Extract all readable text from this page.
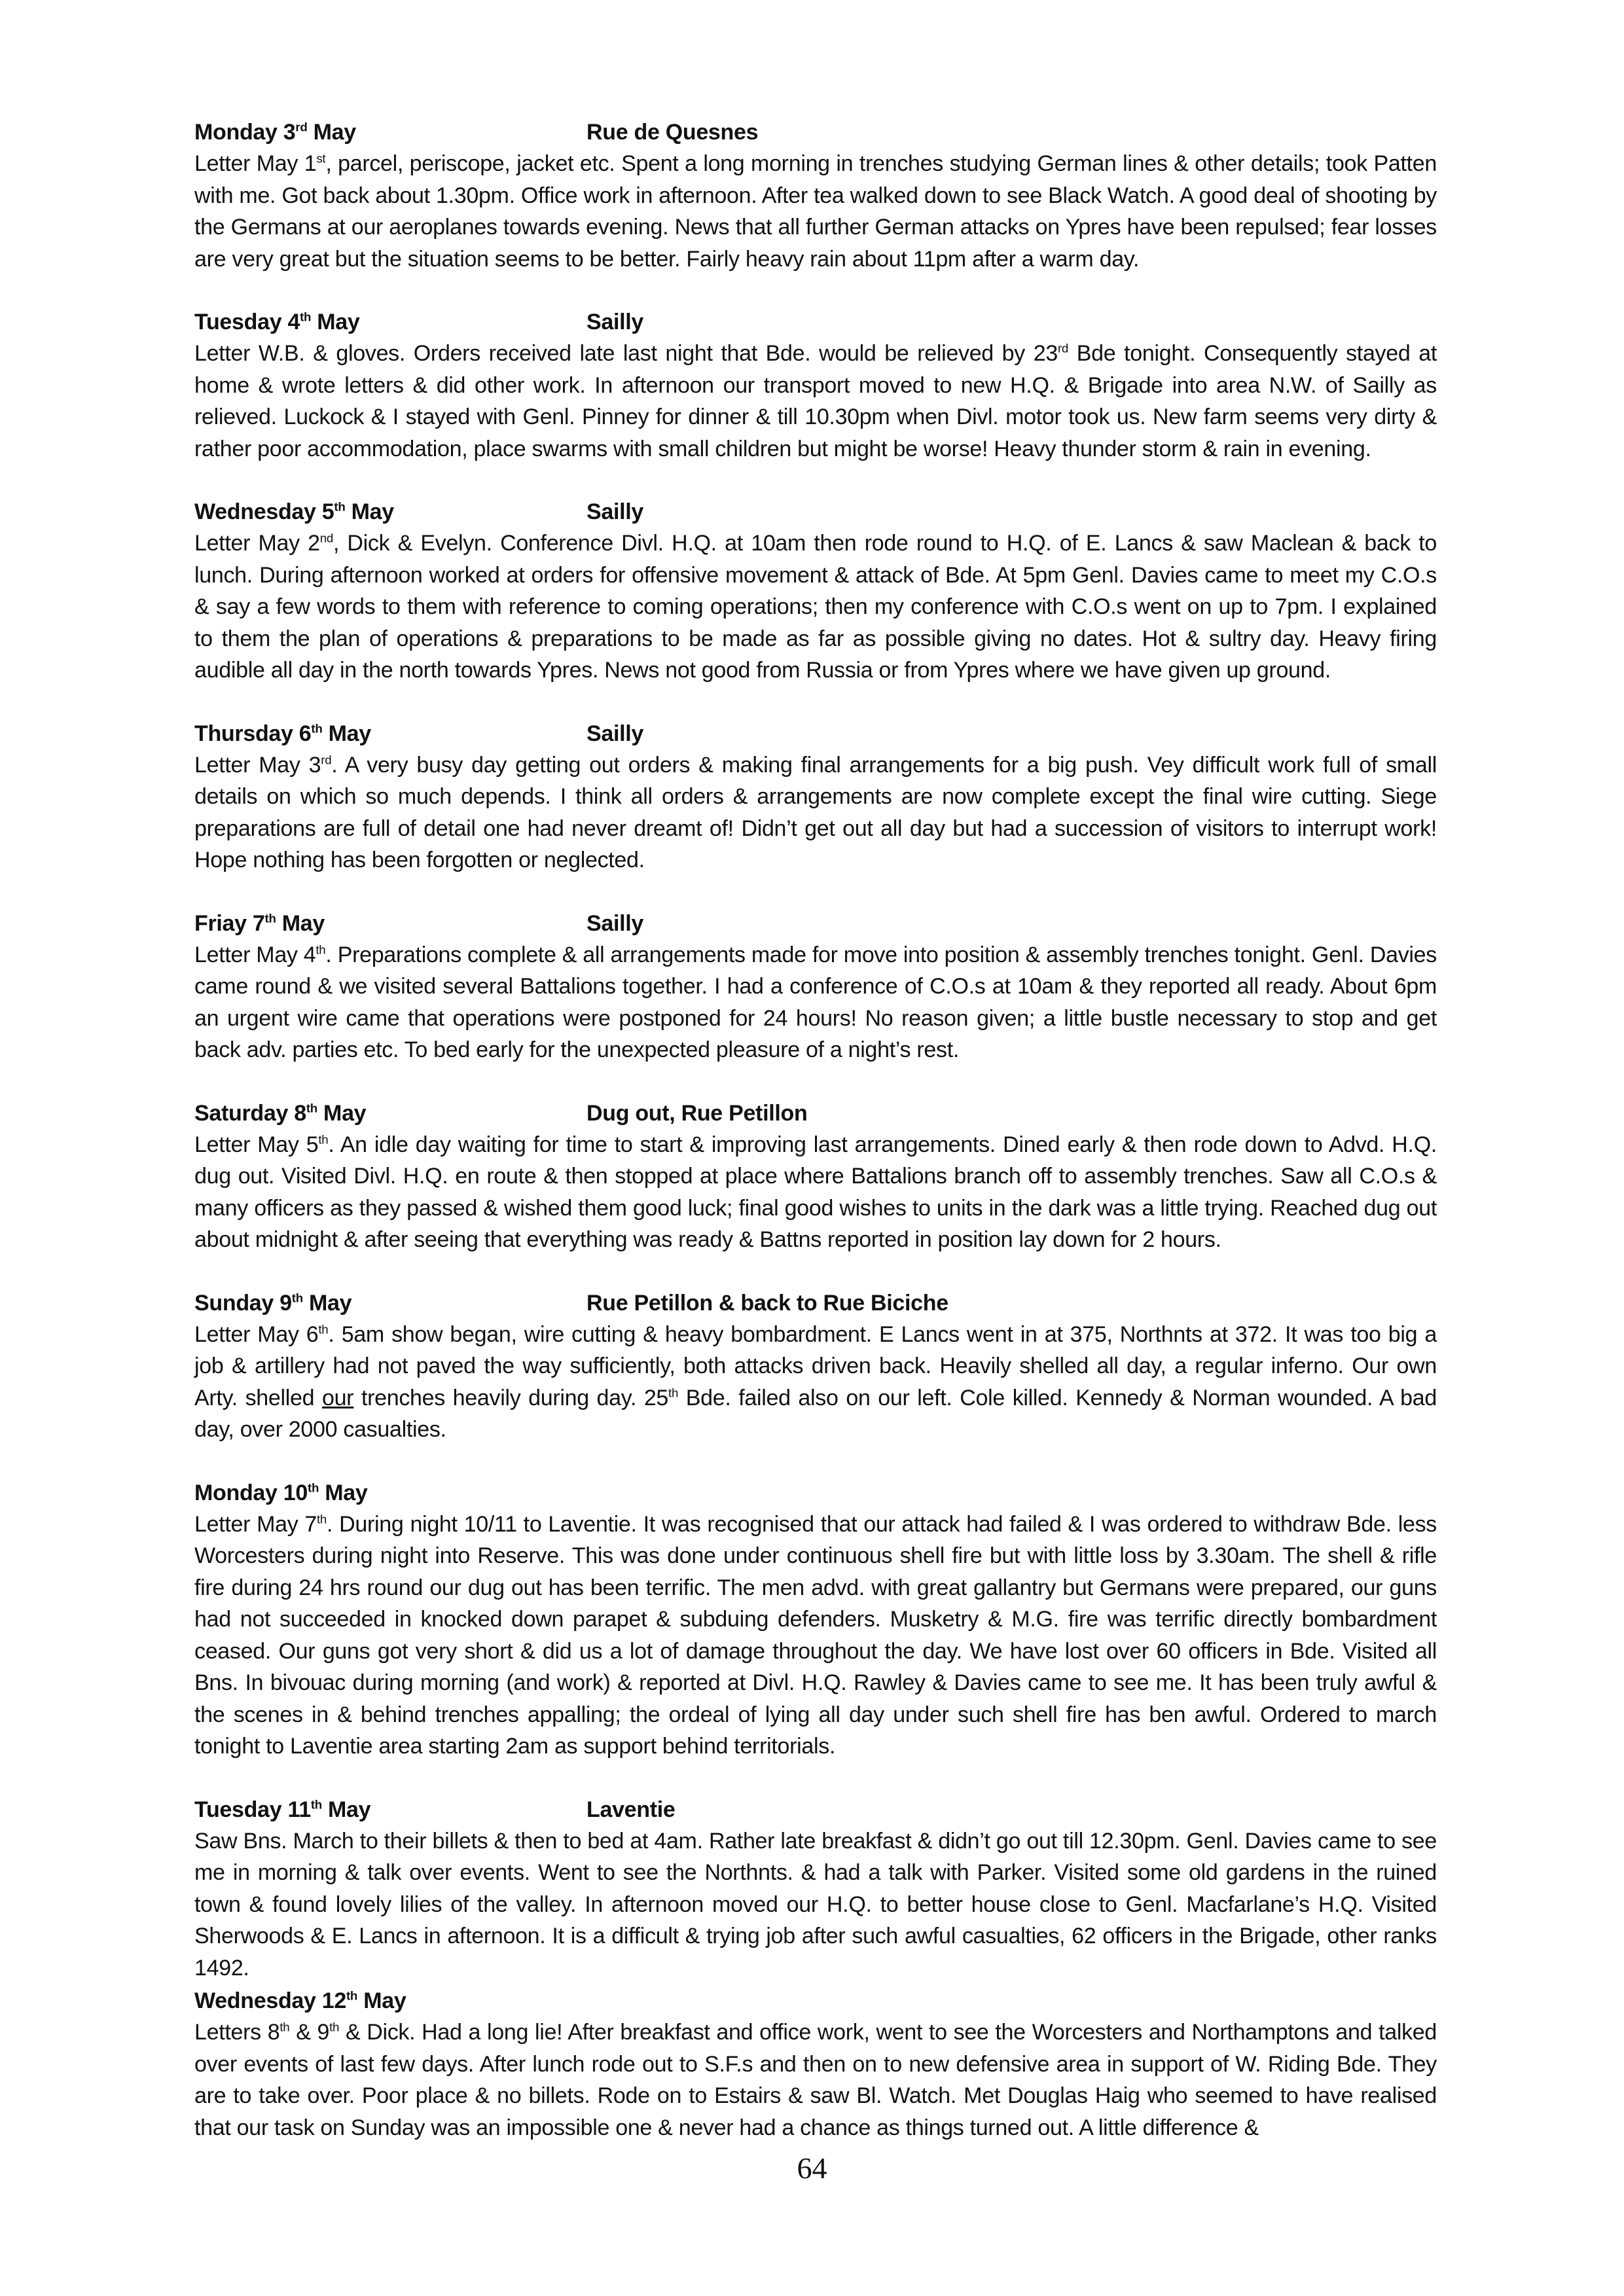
Monday 3rd May	Rue de Quesnes

Letter May 1st, parcel, periscope, jacket etc. Spent a long morning in trenches studying German lines & other details; took Patten with me. Got back about 1.30pm. Office work in afternoon. After tea walked down to see Black Watch. A good deal of shooting by the Germans at our aeroplanes towards evening. News that all further German attacks on Ypres have been repulsed; fear losses are very great but the situation seems to be better. Fairly heavy rain about 11pm after a warm day.

Tuesday 4th May	Sailly

Letter W.B. & gloves. Orders received late last night that Bde. would be relieved by 23rd Bde tonight. Consequently stayed at home & wrote letters & did other work. In afternoon our transport moved to new H.Q. & Brigade into area N.W. of Sailly as relieved. Luckock & I stayed with Genl. Pinney for dinner & till 10.30pm when Divl. motor took us. New farm seems very dirty & rather poor accommodation, place swarms with small children but might be worse! Heavy thunder storm & rain in evening.

Wednesday 5th May	Sailly

Letter May 2nd, Dick & Evelyn. Conference Divl. H.Q. at 10am then rode round to H.Q. of E. Lancs & saw Maclean & back to lunch. During afternoon worked at orders for offensive movement & attack of Bde. At 5pm Genl. Davies came to meet my C.O.s & say a few words to them with reference to coming operations; then my conference with C.O.s went on up to 7pm. I explained to them the plan of operations & preparations to be made as far as possible giving no dates. Hot & sultry day. Heavy firing audible all day in the north towards Ypres. News not good from Russia or from Ypres where we have given up ground.

Thursday 6th May	Sailly

Letter May 3rd. A very busy day getting out orders & making final arrangements for a big push. Vey difficult work full of small details on which so much depends. I think all orders & arrangements are now complete except the final wire cutting. Siege preparations are full of detail one had never dreamt of! Didn’t get out all day but had a succession of visitors to interrupt work! Hope nothing has been forgotten or neglected.

Friay 7th May	Sailly

Letter May 4th. Preparations complete & all arrangements made for move into position & assembly trenches tonight. Genl. Davies came round & we visited several Battalions together. I had a conference of C.O.s at 10am & they reported all ready. About 6pm an urgent wire came that operations were postponed for 24 hours! No reason given; a little bustle necessary to stop and get back adv. parties etc. To bed early for the unexpected pleasure of a night’s rest.

Saturday 8th May	Dug out, Rue Petillon

Letter May 5th. An idle day waiting for time to start & improving last arrangements. Dined early & then rode down to Advd. H.Q. dug out. Visited Divl. H.Q. en route & then stopped at place where Battalions branch off to assembly trenches. Saw all C.O.s & many officers as they passed & wished them good luck; final good wishes to units in the dark was a little trying. Reached dug out about midnight & after seeing that everything was ready & Battns reported in position lay down for 2 hours.

Sunday 9th May	Rue Petillon & back to Rue Biciche

Letter May 6th. 5am show began, wire cutting & heavy bombardment. E Lancs went in at 375, Northnts at 372. It was too big a job & artillery had not paved the way sufficiently, both attacks driven back. Heavily shelled all day, a regular inferno. Our own Arty. shelled our trenches heavily during day. 25th Bde. failed also on our left. Cole killed. Kennedy & Norman wounded. A bad day, over 2000 casualties.

Monday 10th May

Letter May 7th. During night 10/11 to Laventie. It was recognised that our attack had failed & I was ordered to withdraw Bde. less Worcesters during night into Reserve. This was done under continuous shell fire but with little loss by 3.30am. The shell & rifle fire during 24 hrs round our dug out has been terrific. The men advd. with great gallantry but Germans were prepared, our guns had not succeeded in knocked down parapet & subduing defenders. Musketry & M.G. fire was terrific directly bombardment ceased. Our guns got very short & did us a lot of damage throughout the day. We have lost over 60 officers in Bde. Visited all Bns. In bivouac during morning (and work) & reported at Divl. H.Q. Rawley & Davies came to see me. It has been truly awful & the scenes in & behind trenches appalling; the ordeal of lying all day under such shell fire has ben awful. Ordered to march tonight to Laventie area starting 2am as support behind territorials.

Tuesday 11th May	Laventie

Saw Bns. March to their billets & then to bed at 4am. Rather late breakfast & didn’t go out till 12.30pm. Genl. Davies came to see me in morning & talk over events. Went to see the Northnts. & had a talk with Parker. Visited some old gardens in the ruined town & found lovely lilies of the valley. In afternoon moved our H.Q. to better house close to Genl. Macfarlane’s H.Q. Visited Sherwoods & E. Lancs in afternoon. It is a difficult & trying job after such awful casualties, 62 officers in the Brigade, other ranks 1492.

Wednesday 12th May

Letters 8th & 9th & Dick. Had a long lie! After breakfast and office work, went to see the Worcesters and Northamptons and talked over events of last few days. After lunch rode out to S.F.s and then on to new defensive area in support of W. Riding Bde. They are to take over. Poor place & no billets. Rode on to Estairs & saw Bl. Watch. Met Douglas Haig who seemed to have realised that our task on Sunday was an impossible one & never had a chance as things turned out. A little difference &

64
